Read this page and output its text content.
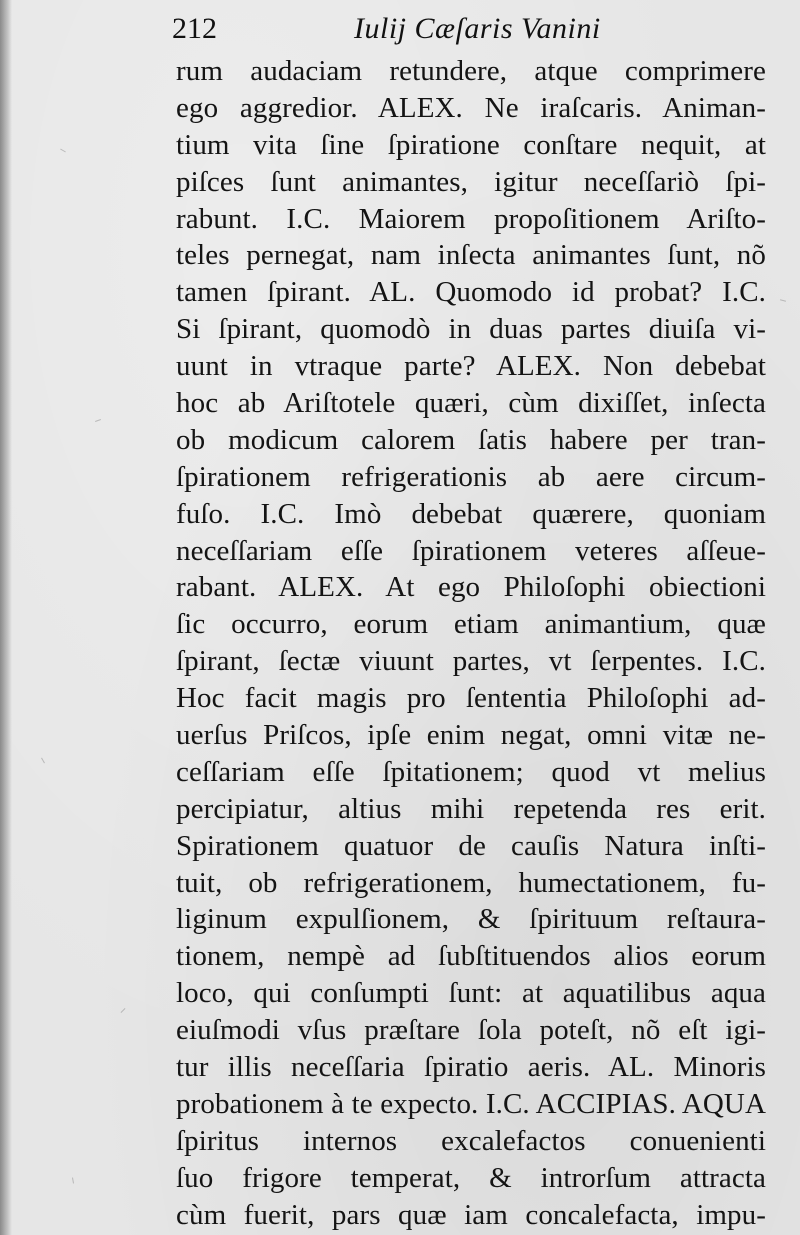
212	Iulij Cæſaris Vanini
rum audaciam retundere, atque comprimere
ego aggredior. ALEX. Ne iraſcaris. Animan-
tium vita ſine ſpiratione conſtare nequit, at
piſces ſunt animantes, igitur neceſſariò ſpi-
rabunt. I.C. Maiorem propoſitionem Ariſto-
teles pernegat, nam inſecta animantes ſunt, nõ
tamen ſpirant. AL. Quomodo id probat? I.C.
Si ſpirant, quomodò in duas partes diuiſa vi-
uunt in vtraque parte? ALEX. Non debebat
hoc ab Ariſtotele quæri, cùm dixiſſet, inſecta
ob modicum calorem ſatis habere per tran-
ſpirationem refrigerationis ab aere circum-
fuſo. I.C. Imò debebat quærere, quoniam
neceſſariam eſſe ſpirationem veteres aſſeue-
rabant. ALEX. At ego Philoſophi obiectioni
ſic occurro, eorum etiam animantium, quæ
ſpirant, ſectæ viuunt partes, vt ſerpentes. I.C.
Hoc facit magis pro ſententia Philoſophi ad-
uerſus Priſcos, ipſe enim negat, omni vitæ ne-
ceſſariam eſſe ſpitationem; quod vt melius
percipiatur, altius mihi repetenda res erit.
Spirationem quatuor de cauſis Natura inſti-
tuit, ob refrigerationem, humectationem, fu-
liginum expulſionem, & ſpirituum reſtaura-
tionem, nempè ad ſubſtituendos alios eorum
loco, qui conſumpti ſunt: at aquatilibus aqua
eiuſmodi vſus præſtare ſola poteſt, nõ eſt igi-
tur illis neceſſaria ſpiratio aeris. AL. Minoris
probationem à te expecto. I.C. ACCIPIAS. AQUA
ſpiritus internos excalefactos conuenienti
ſuo frigore temperat, & introrſum attracta
cùm fuerit, pars quæ iam concalefacta, impu-
